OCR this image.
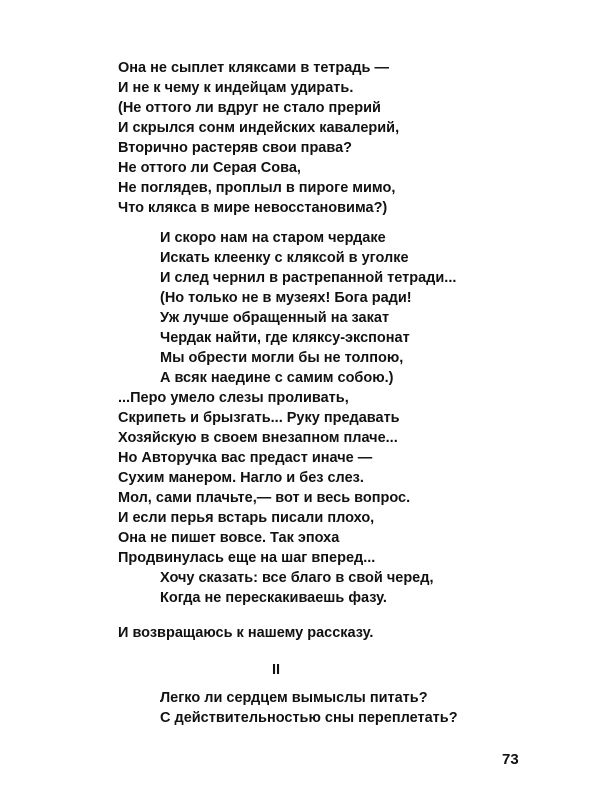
II
73
Она не сыплет кляксами в тетрадь —
И не к чему к индейцам удирать.
(Не оттого ли вдруг не стало прерий
И скрылся сонм индейских кавалерий,
Вторично растеряв свои права?
Не оттого ли Серая Сова,
Не поглядев, проплыл в пироге мимо,
Что клякса в мире невосстановима?)
И скоро нам на старом чердаке
Искать клеенку с кляксой в уголке
И след чернил в растрепанной тетради...
(Но только не в музеях! Бога ради!
Уж лучше обращенный на закат
Чердак найти, где кляксу-экспонат
Мы обрести могли бы не толпою,
А всяк наедине с самим собою.)
...Перо умело слезы проливать,
Скрипеть и брызгать... Руку предавать
Хозяйскую в своем внезапном плаче...
Но Авторучка вас предаст иначе —
Сухим манером. Нагло и без слез.
Мол, сами плачьте,— вот и весь вопрос.
И если перья встарь писали плохо,
Она не пишет вовсе. Так эпоха
Продвинулась еще на шаг вперед...
Хочу сказать: все благо в свой черед,
Когда не перескакиваешь фазу.
И возвращаюсь к нашему рассказу.
Легко ли сердцем вымыслы питать?
С действительностью сны переплетать?
